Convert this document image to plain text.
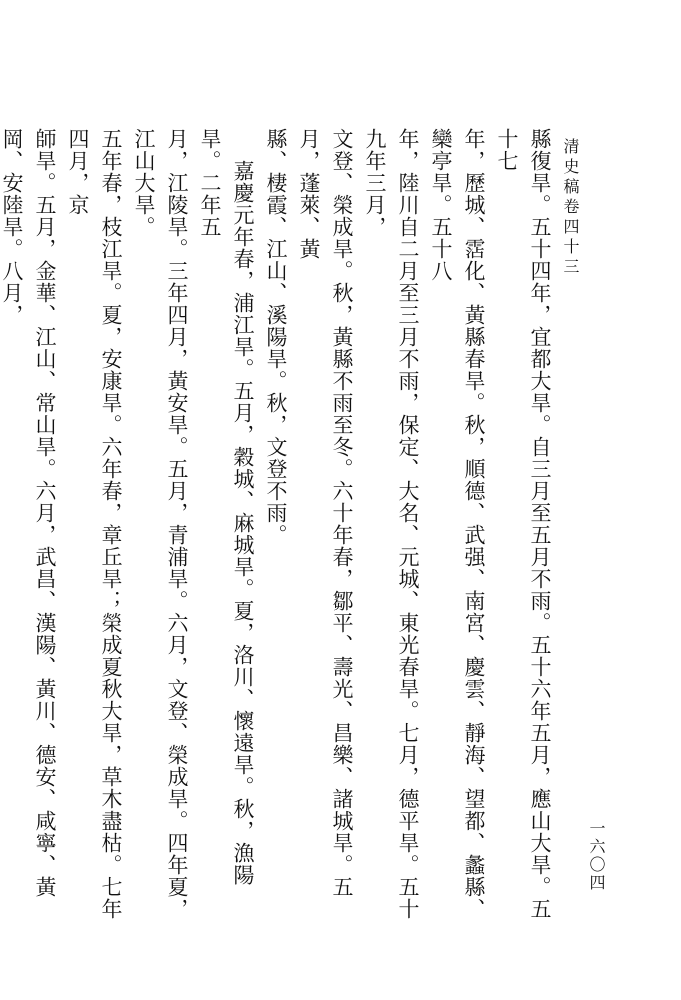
清史稿卷四十三
一六〇四

縣復旱。五十四年，宜都大旱。自三月至五月不雨。五十六年五月，應山大旱。五十七
年，歷城、霑化、黃縣春旱。秋，順德、武强、南宮、慶雲、靜海、望都、蠡縣、欒亭旱。五十八
年，陸川自二月至三月不雨，保定、大名、元城、東光春旱。七月，德平旱。五十九年三月，
文登、榮成旱。秋，黃縣不雨至冬。六十年春，鄒平、壽光、昌樂、諸城旱。五月，蓬萊、黃
縣、棲霞、江山、溪陽旱。秋，文登不雨。

嘉慶元年春，浦江旱。五月，穀城、麻城旱。夏，洛川、懷遠旱。秋，漁陽旱。二年五
月，江陵旱。三年四月，黃安旱。五月，青浦旱。六月，文登、榮成旱。四年夏，江山大旱。
五年春，枝江旱。夏，安康旱。六年春，章丘旱；榮成夏秋大旱，草木盡枯。七年四月，京
師旱。五月，金華、江山、常山旱。六月，武昌、漢陽、黃川、德安、咸寧、黃岡、安陸旱。八月，
